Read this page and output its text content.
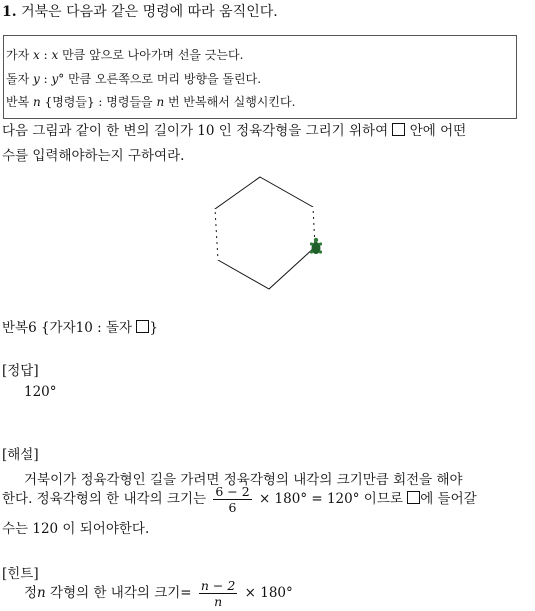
1. 거북은 다음과 같은 명령에 따라 움직인다.
가자 x : x 만큼 앞으로 나아가며 선을 긋는다.
돌자 y : y° 만큼 오른쪽으로 머리 방향을 돌린다.
반복 n {명령들} : 명령들을 n 번 반복해서 실행시킨다.
다음 그림과 같이 한 변의 길이가 10 인 정육각형을 그리기 위하여  안에 어떤
수를 입력해야하는지 구하여라.
반복6 {가자10 : 돌자 }
[정답]
120°
[해설]
거북이가 정육각형인 길을 가려면 정육각형의 내각의 크기만큼 회전을 해야
한다. 정육각형의 한 내각의 크기는 $\frac{6 - 2}{6} \times 180^\circ = 120^\circ$ 이므로 에 들어갈
수는 120 이 되어야한다.
[힌트]
정n 각형의 한 내각의 크기= $\frac{n - 2}{n} \times 180^\circ$
